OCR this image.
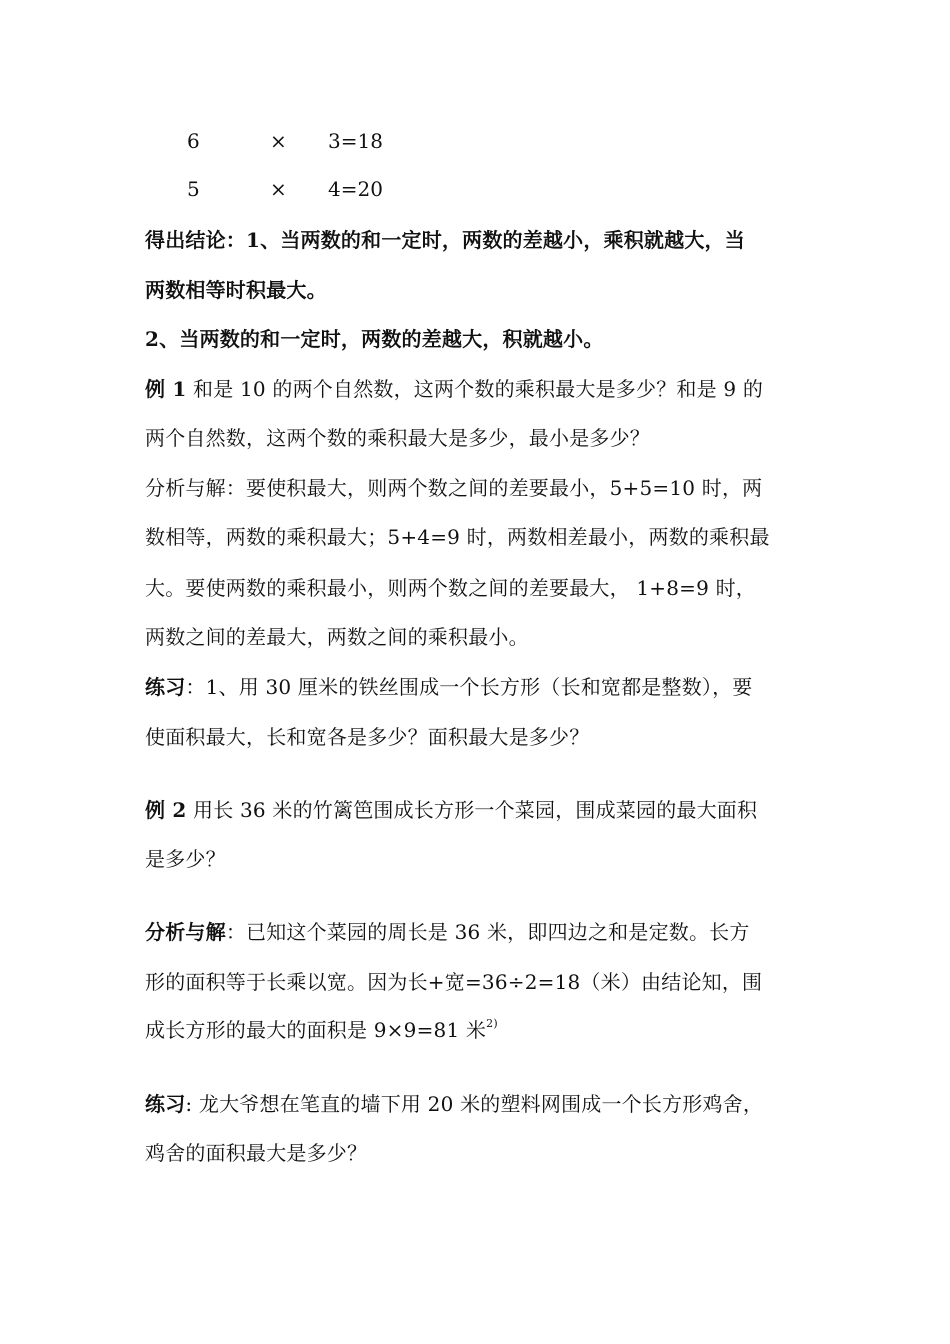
6	× 3=18
5	× 4=20
得出结论：1、当两数的和一定时，两数的差越小，乘积就越大，当
两数相等时积最大。
2、当两数的和一定时，两数的差越大，积就越小。
例 1 和是 10 的两个自然数，这两个数的乘积最大是多少？和是 9 的
两个自然数，这两个数的乘积最大是多少，最小是多少？
分析与解：要使积最大，则两个数之间的差要最小，5+5=10 时，两
数相等，两数的乘积最大；5+4=9 时，两数相差最小，两数的乘积最
大。要使两数的乘积最小，则两个数之间的差要最大， 1+8=9 时，
两数之间的差最大，两数之间的乘积最小。
练习：1、用 30 厘米的铁丝围成一个长方形（长和宽都是整数），要
使面积最大，长和宽各是多少？面积最大是多少？
例 2 用长 36 米的竹篱笆围成长方形一个菜园，围成菜园的最大面积
是多少？
分析与解：已知这个菜园的周长是 36 米，即四边之和是定数。长方
形的面积等于长乘以宽。因为长+宽=36÷2=18（米）由结论知，围
成长方形的最大的面积是 9×9=81 米$^{2)}$
练习: 龙大爷想在笔直的墙下用 20 米的塑料网围成一个长方形鸡舍，
鸡舍的面积最大是多少？
